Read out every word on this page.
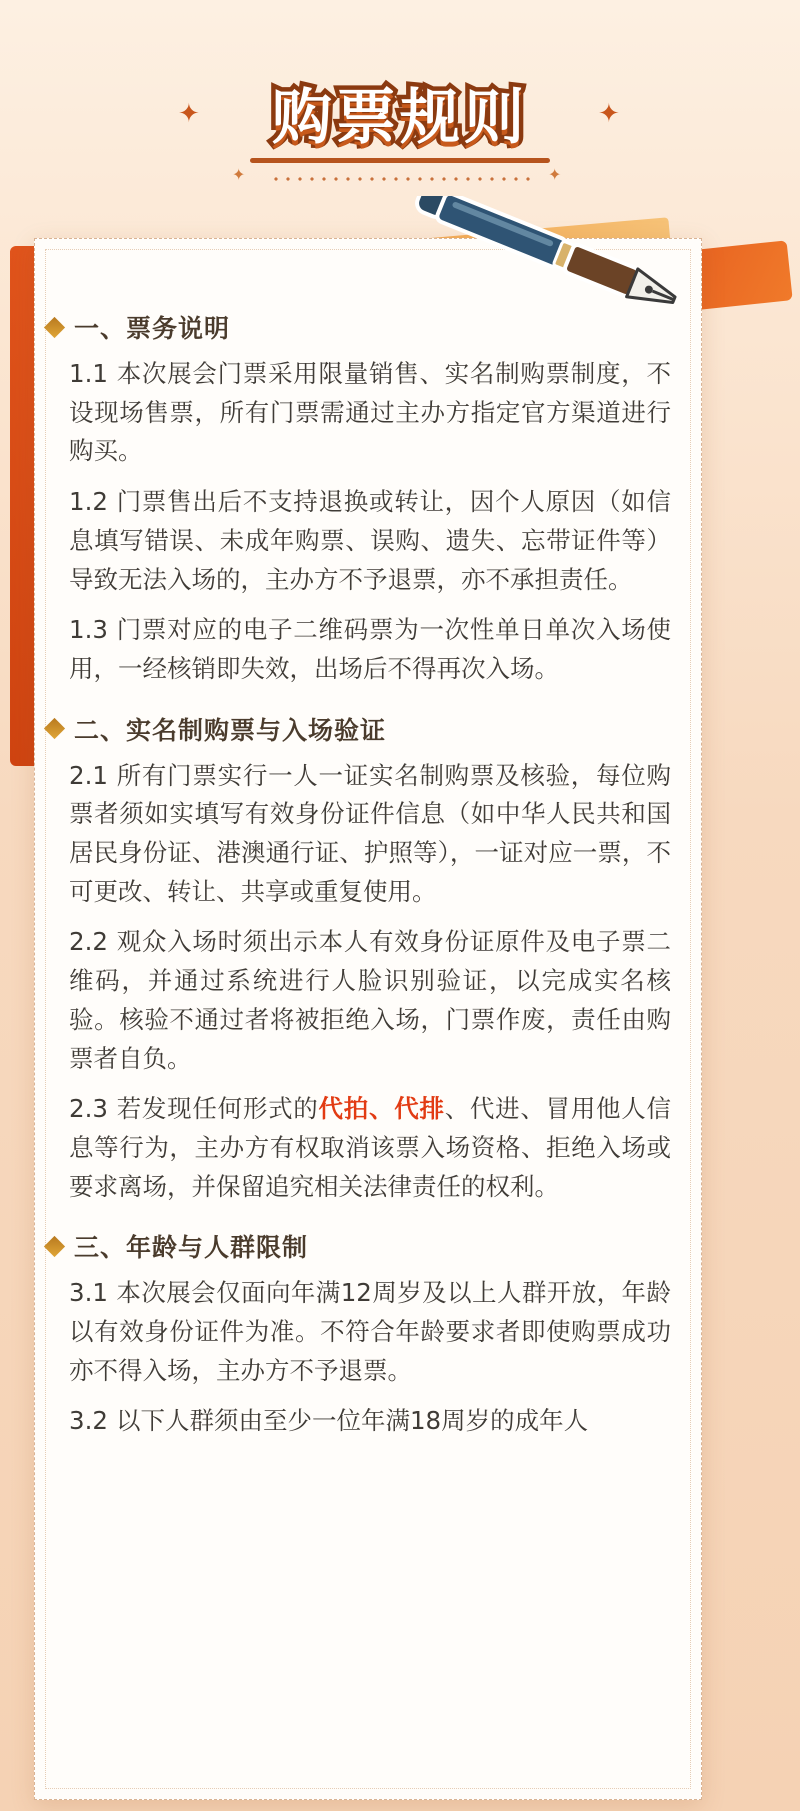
购票规则
✦	✦
✦	✦
一、票务说明

1.1 本次展会门票采用限量销售、实名制购票制度，不设现场售票，所有门票需通过主办方指定官方渠道进行购买。

1.2 门票售出后不支持退换或转让，因个人原因（如信息填写错误、未成年购票、误购、遗失、忘带证件等）导致无法入场的，主办方不予退票，亦不承担责任。

1.3 门票对应的电子二维码票为一次性单日单次入场使用，一经核销即失效，出场后不得再次入场。

二、实名制购票与入场验证

2.1 所有门票实行一人一证实名制购票及核验，每位购票者须如实填写有效身份证件信息（如中华人民共和国居民身份证、港澳通行证、护照等），一证对应一票，不可更改、转让、共享或重复使用。

2.2 观众入场时须出示本人有效身份证原件及电子票二维码，并通过系统进行人脸识别验证，以完成实名核验。核验不通过者将被拒绝入场，门票作废，责任由购票者自负。

2.3 若发现任何形式的代拍、代排、代进、冒用他人信息等行为，主办方有权取消该票入场资格、拒绝入场或要求离场，并保留追究相关法律责任的权利。

三、年龄与人群限制

3.1 本次展会仅面向年满12周岁及以上人群开放，年龄以有效身份证件为准。不符合年龄要求者即使购票成功亦不得入场，主办方不予退票。

3.2 以下人群须由至少一位年满18周岁的成年人
